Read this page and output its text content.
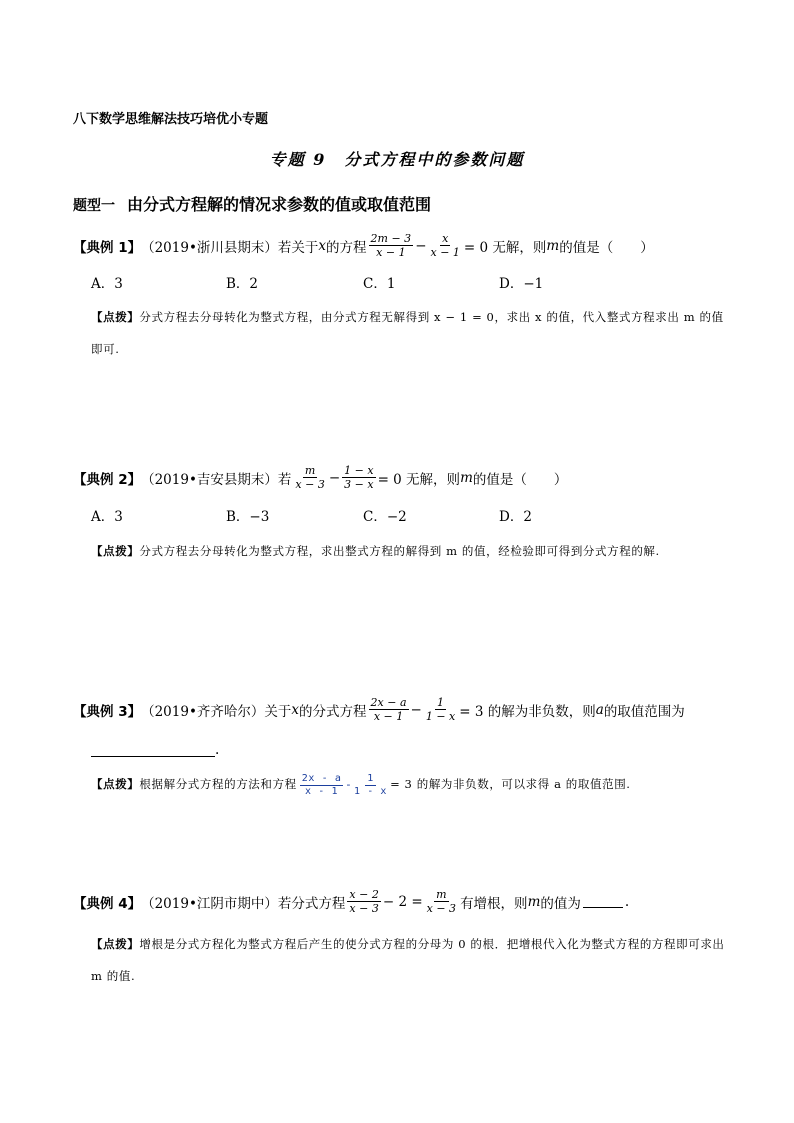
八下数学思维解法技巧培优小专题
专题 9　分式方程中的参数问题
题型一 由分式方程解的情况求参数的值或取值范围
【典例 1】 （2019•浙川县期末）若关于 x 的方程 $\frac{2m - 3}{x - 1} - \frac{x}{x - 1} = 0$ 无解，则 m 的值是（　　）
A．3	B．2	C．1	D．−1
【点拨】分式方程去分母转化为整式方程，由分式方程无解得到 x − 1 = 0，求出 x 的值，代入整式方程求出 m 的值即可.
【典例 2】 （2019•吉安县期末）若 $\frac{m}{x - 3} - \frac{1 - x}{3 - x} = 0$ 无解，则 m 的值是（　　）
A．3	B．−3	C．−2	D．2
【点拨】分式方程去分母转化为整式方程，求出整式方程的解得到 m 的值，经检验即可得到分式方程的解.
【典例 3】 （2019•齐齐哈尔）关于 x 的分式方程 $\frac{2x - a}{x - 1} - \frac{1}{1 - x} = 3$ 的解为非负数，则 a 的取值范围为
.
【点拨】根据解分式方程的方法和方程 $\frac{2x - a}{x - 1} - \frac{1}{1 - x} = 3$ 的解为非负数，可以求得 a 的取值范围.
【典例 4】 （2019•江阴市期中）若分式方程 $\frac{x - 2}{x - 3} - 2 = \frac{m}{x - 3}$ 有增根，则 m 的值为	.
【点拨】增根是分式方程化为整式方程后产生的使分式方程的分母为 0 的根．把增根代入化为整式方程的方程即可求出 m 的值.
